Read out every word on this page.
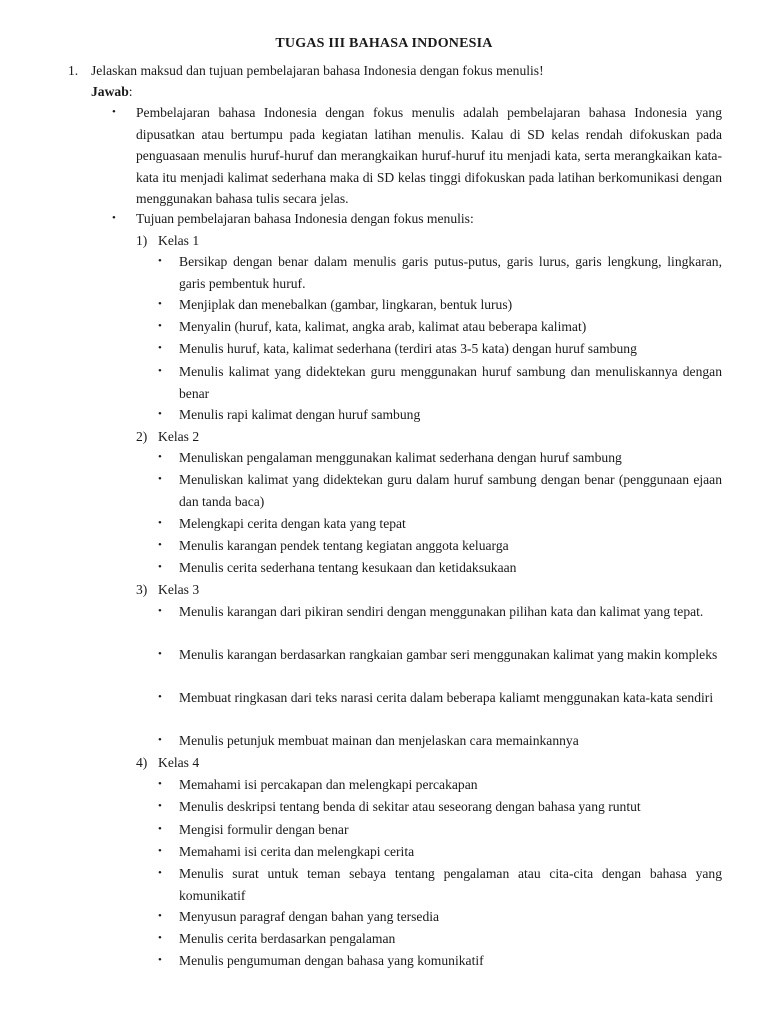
TUGAS III BAHASA INDONESIA
1. Jelaskan maksud dan tujuan pembelajaran bahasa Indonesia dengan fokus menulis!
Jawab:
•	Pembelajaran bahasa Indonesia dengan fokus menulis adalah pembelajaran bahasa Indonesia yang dipusatkan atau bertumpu pada kegiatan latihan menulis. Kalau di SD kelas rendah difokuskan pada penguasaan menulis huruf-huruf dan merangkaikan huruf-huruf itu menjadi kata, serta merangkaikan kata-kata itu menjadi kalimat sederhana maka di SD kelas tinggi difokuskan pada latihan berkomunikasi dengan menggunakan bahasa tulis secara jelas.
•	Tujuan pembelajaran bahasa Indonesia dengan fokus menulis:
1) Kelas 1
•	Bersikap dengan benar dalam menulis garis putus-putus, garis lurus, garis lengkung, lingkaran, garis pembentuk huruf.
•	Menjiplak dan menebalkan (gambar, lingkaran, bentuk lurus)
•	Menyalin (huruf, kata, kalimat, angka arab, kalimat atau beberapa kalimat)
•	Menulis huruf, kata, kalimat sederhana (terdiri atas 3-5 kata) dengan huruf sambung
•	Menulis kalimat yang didektekan guru menggunakan huruf sambung dan menuliskannya dengan benar
•	Menulis rapi kalimat dengan huruf sambung
2) Kelas 2
•	Menuliskan pengalaman menggunakan kalimat sederhana dengan huruf sambung
•	Menuliskan kalimat yang didektekan guru dalam huruf sambung dengan benar (penggunaan ejaan dan tanda baca)
•	Melengkapi cerita dengan kata yang tepat
•	Menulis karangan pendek tentang kegiatan anggota keluarga
•	Menulis cerita sederhana tentang kesukaan dan ketidaksukaan
3) Kelas 3
•	Menulis karangan dari pikiran sendiri dengan menggunakan pilihan kata dan kalimat yang tepat.
•	Menulis karangan berdasarkan rangkaian gambar seri menggunakan kalimat yang makin kompleks
•	Membuat ringkasan dari teks narasi cerita dalam beberapa kaliamt menggunakan kata-kata sendiri
•	Menulis petunjuk membuat mainan dan menjelaskan cara memainkannya
4) Kelas 4
•	Memahami isi percakapan dan melengkapi percakapan
•	Menulis deskripsi tentang benda di sekitar atau seseorang dengan bahasa yang runtut
•	Mengisi formulir dengan benar
•	Memahami isi cerita dan melengkapi cerita
•	Menulis surat untuk teman sebaya tentang pengalaman atau cita-cita dengan bahasa yang komunikatif
•	Menyusun paragraf dengan bahan yang tersedia
•	Menulis cerita berdasarkan pengalaman
•	Menulis pengumuman dengan bahasa yang komunikatif
